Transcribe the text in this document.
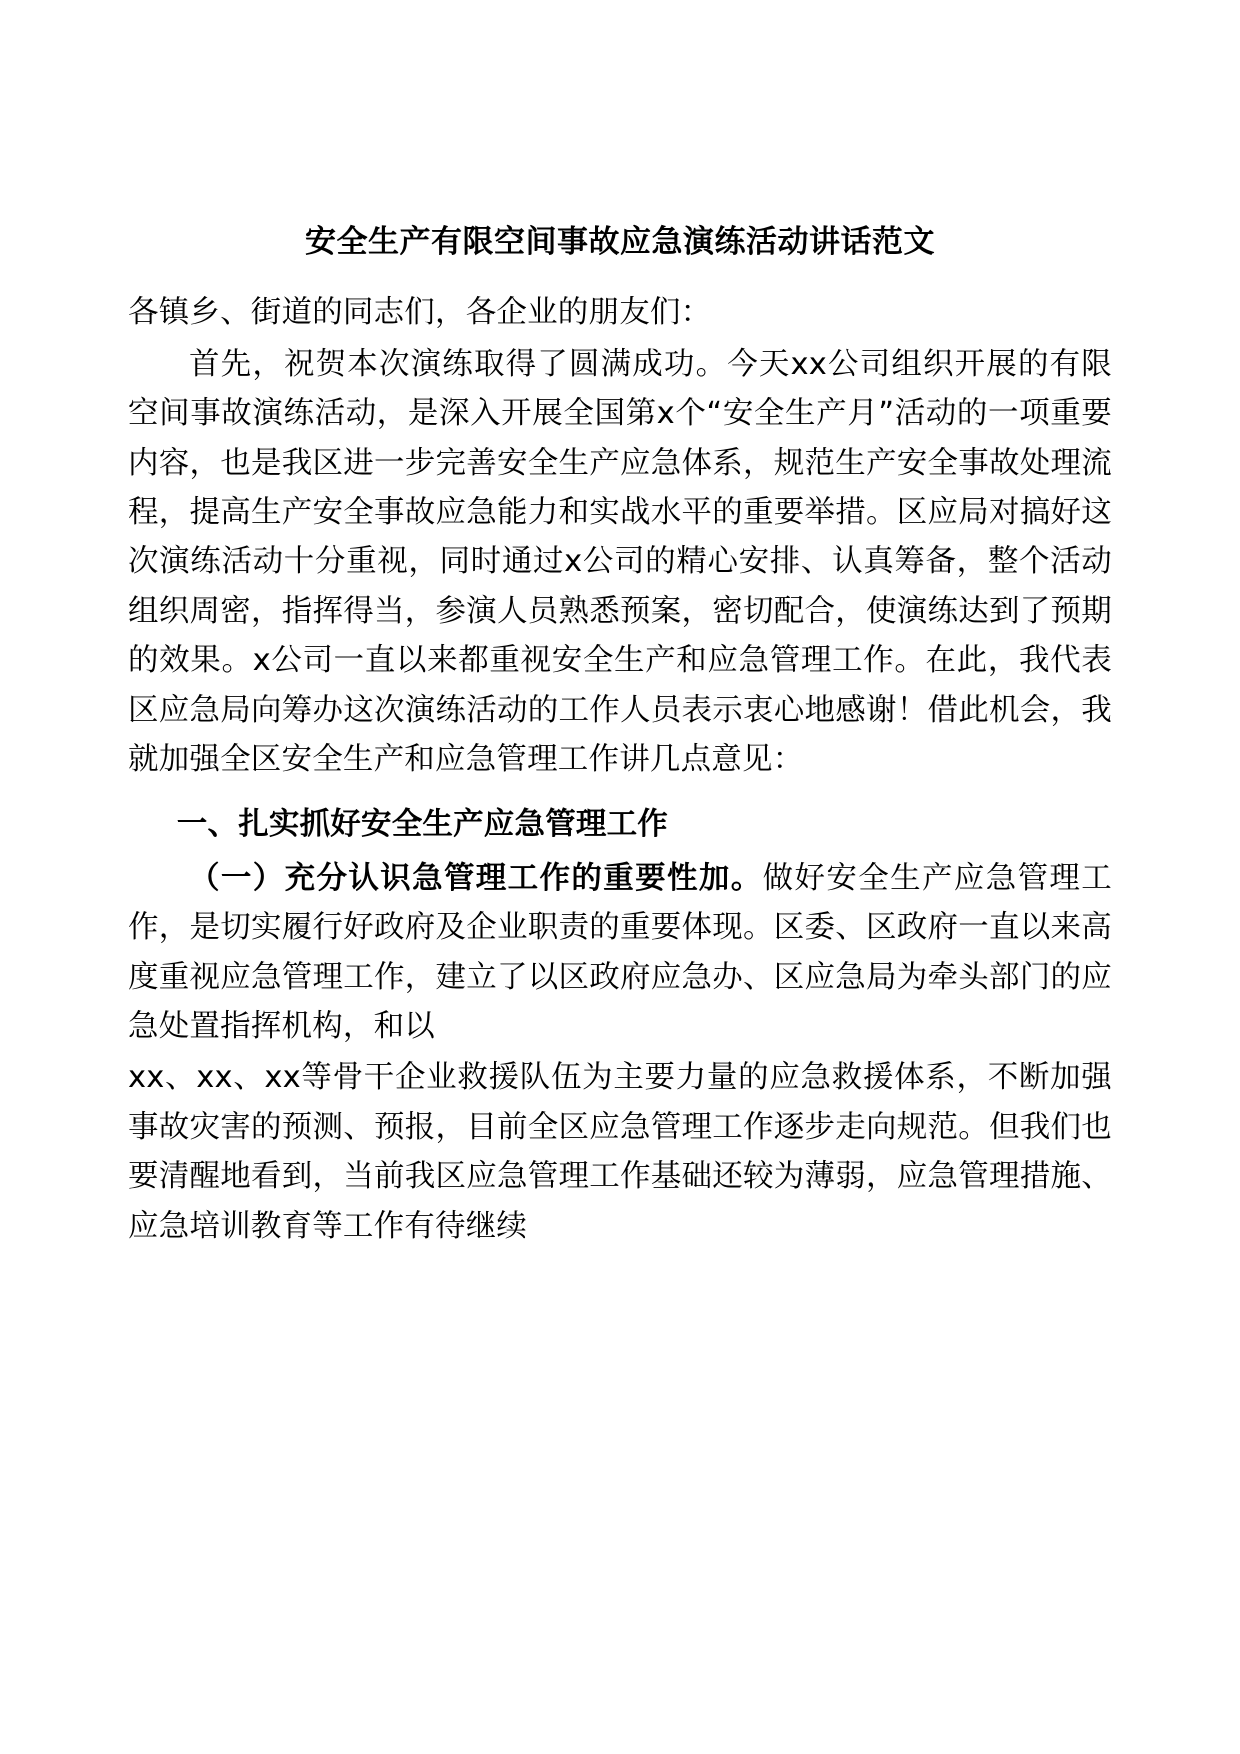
安全生产有限空间事故应急演练活动讲话范文

各镇乡、街道的同志们，各企业的朋友们：

首先，祝贺本次演练取得了圆满成功。今天xx公司组织开展的有限空间事故演练活动，是深入开展全国第x个“安全生产月”活动的一项重要内容，也是我区进一步完善安全生产应急体系，规范生产安全事故处理流程，提高生产安全事故应急能力和实战水平的重要举措。区应局对搞好这次演练活动十分重视，同时通过x公司的精心安排、认真筹备，整个活动组织周密，指挥得当，参演人员熟悉预案，密切配合，使演练达到了预期的效果。x公司一直以来都重视安全生产和应急管理工作。在此，我代表区应急局向筹办这次演练活动的工作人员表示衷心地感谢！借此机会，我就加强全区安全生产和应急管理工作讲几点意见：

一、扎实抓好安全生产应急管理工作

（一）充分认识急管理工作的重要性加。做好安全生产应急管理工作，是切实履行好政府及企业职责的重要体现。区委、区政府一直以来高度重视应急管理工作，建立了以区政府应急办、区应急局为牵头部门的应急处置指挥机构，和以

xx、xx、xx等骨干企业救援队伍为主要力量的应急救援体系，不断加强事故灾害的预测、预报，目前全区应急管理工作逐步走向规范。但我们也要清醒地看到，当前我区应急管理工作基础还较为薄弱，应急管理措施、应急培训教育等工作有待继续
